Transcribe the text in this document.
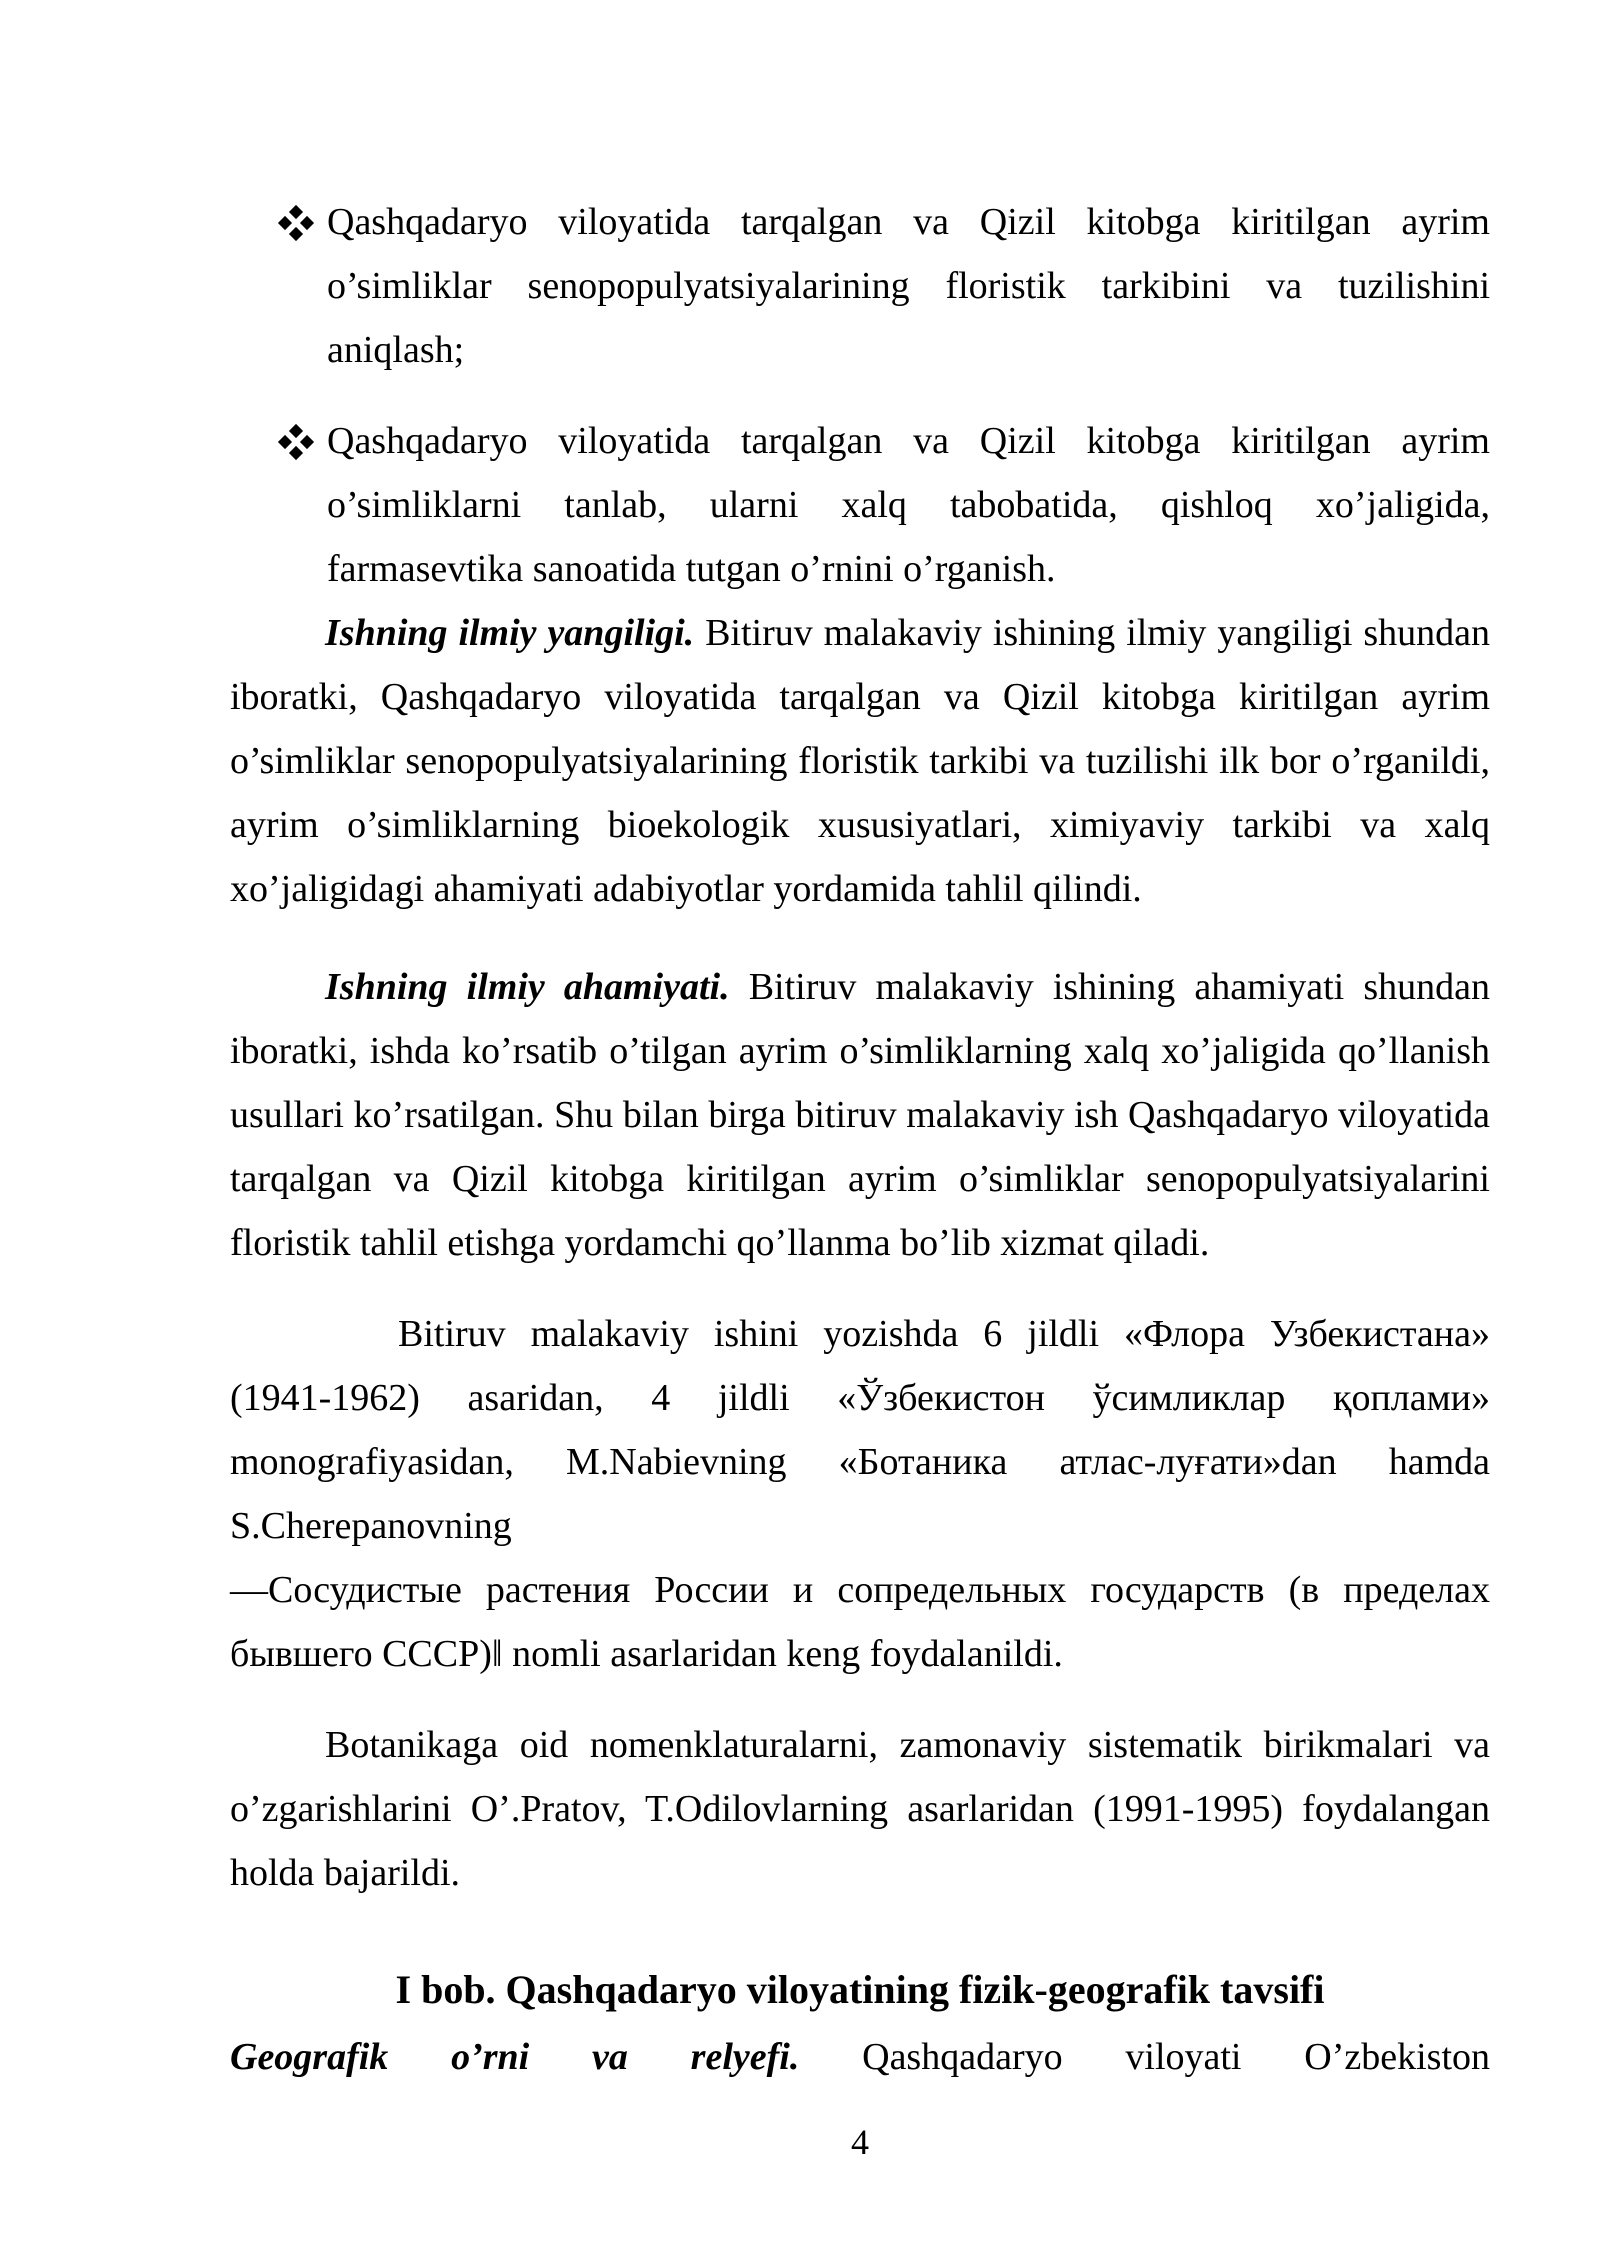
Qashqadaryo viloyatida tarqalgan va Qizil kitobga kiritilgan ayrim o’simliklar senopopulyatsiyalarining floristik tarkibini va tuzilishini aniqlash;
Qashqadaryo viloyatida tarqalgan va Qizil kitobga kiritilgan ayrim o’simliklarni tanlab, ularni xalq tabobatida, qishloq xo’jaligida, farmasevtika sanoatida tutgan o’rnini o’rganish.

Ishning ilmiy yangiligi. Bitiruv malakaviy ishining ilmiy yangiligi shundan iboratki, Qashqadaryo viloyatida tarqalgan va Qizil kitobga kiritilgan ayrim o’simliklar senopopulyatsiyalarining floristik tarkibi va tuzilishi ilk bor o’rganildi, ayrim o’simliklarning bioekologik xususiyatlari, ximiyaviy tarkibi va xalq xo’jaligidagi ahamiyati adabiyotlar yordamida tahlil qilindi.

Ishning ilmiy ahamiyati. Bitiruv malakaviy ishining ahamiyati shundan iboratki, ishda ko’rsatib o’tilgan ayrim o’simliklarning xalq xo’jaligida qo’llanish usullari ko’rsatilgan. Shu bilan birga bitiruv malakaviy ish Qashqadaryo viloyatida tarqalgan va Qizil kitobga kiritilgan ayrim o’simliklar senopopulyatsiyalarini floristik tahlil etishga yordamchi qo’llanma bo’lib xizmat qiladi.

Bitiruv malakaviy ishini yozishda 6 jildli «Флора Узбекистана» (1941-1962) asaridan, 4 jildli «Ўзбекистон ўсимликлар қоплами» monografiyasidan, M.Nabievning «Ботаника атлас-луғати»dan hamda S.Cherepanovning

—Сосудистые растения России и сопредельных государств (в пределах бывшего СССР)‖ nomli asarlaridan keng foydalanildi.

Botanikaga oid nomenklaturalarni, zamonaviy sistematik birikmalari va o’zgarishlarini O’.Pratov, T.Odilovlarning asarlaridan (1991-1995) foydalangan holda bajarildi.

I bob. Qashqadaryo viloyatining fizik-geografik tavsifi

Geografik o’rni va relyefi. Qashqadaryo viloyati O’zbekiston

4
